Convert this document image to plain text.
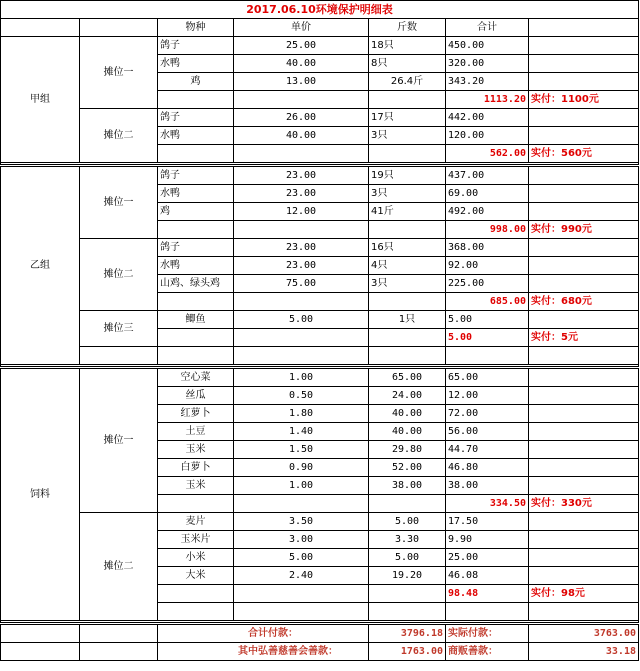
2017.06.10环境保护明细表						
		物种	单价	斤数	合计	
甲组	摊位一	鸽子	25.00	18只	450.00	
		水鸭	40.00	8只	320.00	
		鸡	13.00	26.4斤	343.20	
					1113.20	实付：1100元
	摊位二	鸽子	26.00	17只	442.00	
		水鸭	40.00	3只	120.00	
					562.00	实付：560元

乙组	摊位一	鸽子	23.00	19只	437.00	
		水鸭	23.00	3只	69.00	
		鸡	12.00	41斤	492.00	
					998.00	实付：990元
	摊位二	鸽子	23.00	16只	368.00	
		水鸭	23.00	4只	92.00	
		山鸡、绿头鸡	75.00	3只	225.00	
					685.00	实付：680元
	摊位三	鲫鱼	5.00	1只	5.00	
					5.00	实付：5元

饲料	摊位一	空心菜	1.00	65.00	65.00	
		丝瓜	0.50	24.00	12.00	
		红萝卜	1.80	40.00	72.00	
		土豆	1.40	40.00	56.00	
		玉米	1.50	29.80	44.70	
		白萝卜	0.90	52.00	46.80	
		玉米	1.00	38.00	38.00	
					334.50	实付：330元
	摊位二	麦片	3.50	5.00	17.50	
		玉米片	3.00	3.30	9.90	
		小米	5.00	5.00	25.00	
		大米	2.40	19.20	46.08	
					98.48	实付：98元

		合计付款：		3796.18	实际付款：	3763.00
		其中弘善慈善会善款：		1763.00	商贩善款：	33.18
